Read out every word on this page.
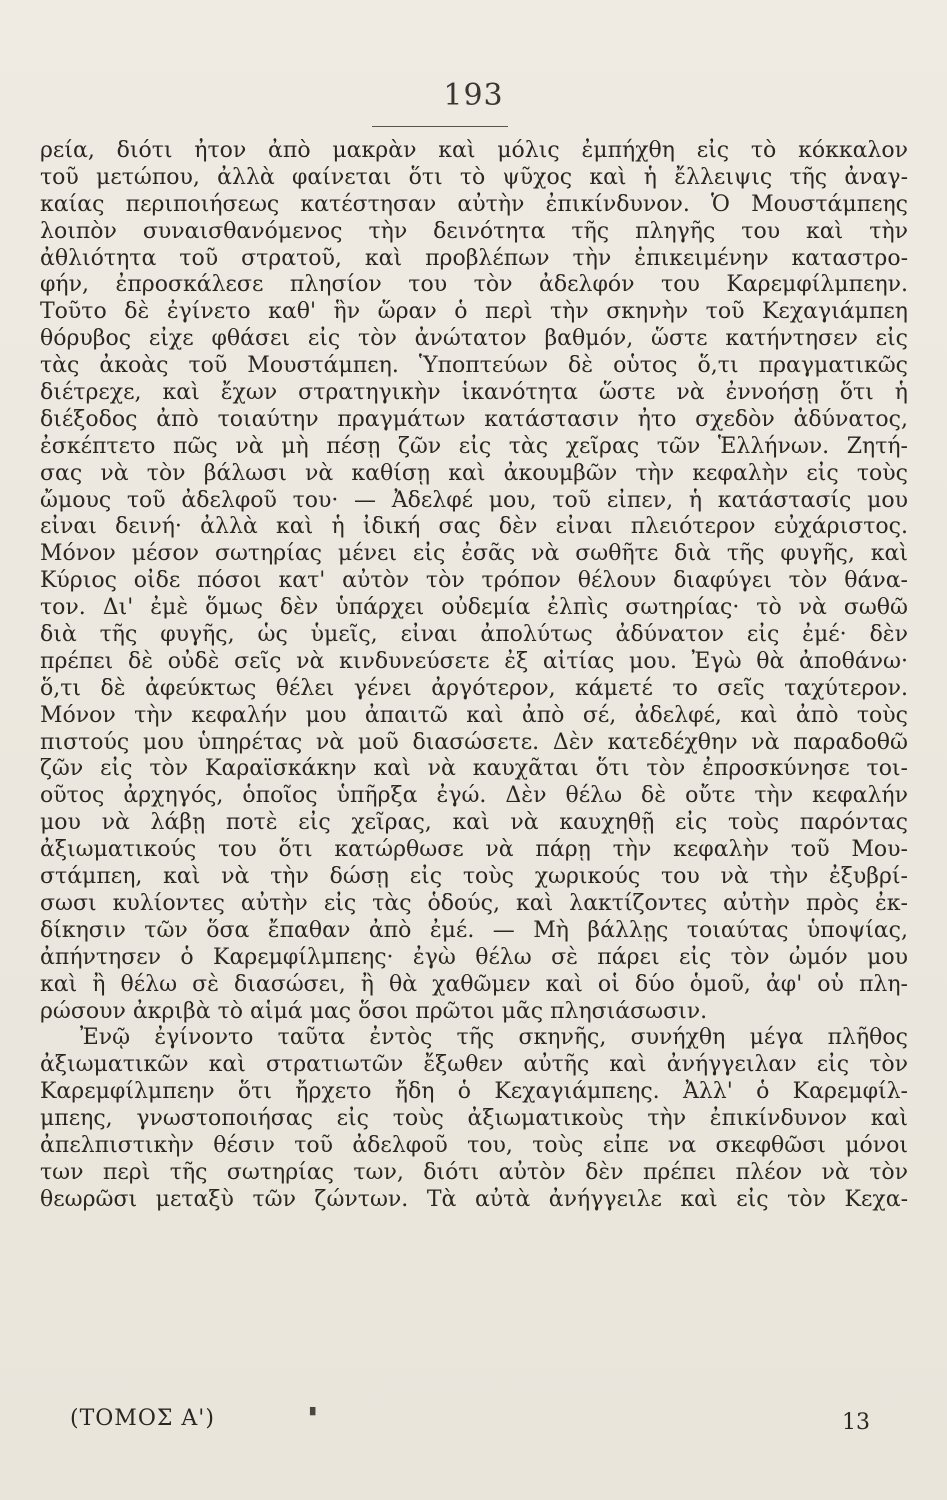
193
ρεία, διότι ἦτον ἀπὸ μακρὰν καὶ μόλις ἐμπήχθη εἰς τὸ κόκκαλον
τοῦ μετώπου, ἀλλὰ φαίνεται ὅτι τὸ ψῦχος καὶ ἡ ἔλλειψις τῆς ἀναγ-
καίας περιποιήσεως κατέστησαν αὐτὴν ἐπικίνδυνον. Ὁ Μουστάμπεης
λοιπὸν συναισθανόμενος τὴν δεινότητα τῆς πληγῆς του καὶ τὴν
ἀθλιότητα τοῦ στρατοῦ, καὶ προβλέπων τὴν ἐπικειμένην καταστρο-
φήν, ἐπροσκάλεσε πλησίον του τὸν ἀδελφόν του Καρεμφίλμπεην.
Τοῦτο δὲ ἐγίνετο καθ' ἣν ὥραν ὁ περὶ τὴν σκηνὴν τοῦ Κεχαγιάμπεη
θόρυβος εἶχε φθάσει εἰς τὸν ἀνώτατον βαθμόν, ὥστε κατήντησεν εἰς
τὰς ἀκοὰς τοῦ Μουστάμπεη. Ὑποπτεύων δὲ οὗτος ὅ,τι πραγματικῶς
διέτρεχε, καὶ ἔχων στρατηγικὴν ἱκανότητα ὥστε νὰ ἐννοήσῃ ὅτι ἡ
διέξοδος ἀπὸ τοιαύτην πραγμάτων κατάστασιν ἦτο σχεδὸν ἀδύνατος,
ἐσκέπτετο πῶς νὰ μὴ πέσῃ ζῶν εἰς τὰς χεῖρας τῶν Ἑλλήνων. Ζητή-
σας νὰ τὸν βάλωσι νὰ καθίσῃ καὶ ἀκουμβῶν τὴν κεφαλὴν εἰς τοὺς
ὤμους τοῦ ἀδελφοῦ του· — Ἀδελφέ μου, τοῦ εἶπεν, ἡ κατάστασίς μου
εἶναι δεινή· ἀλλὰ καὶ ἡ ἰδική σας δὲν εἶναι πλειότερον εὐχάριστος.
Μόνον μέσον σωτηρίας μένει εἰς ἐσᾶς νὰ σωθῆτε διὰ τῆς φυγῆς, καὶ
Κύριος οἶδε πόσοι κατ' αὐτὸν τὸν τρόπον θέλουν διαφύγει τὸν θάνα-
τον. Δι' ἐμὲ ὅμως δὲν ὑπάρχει οὐδεμία ἐλπὶς σωτηρίας· τὸ νὰ σωθῶ
διὰ τῆς φυγῆς, ὡς ὑμεῖς, εἶναι ἀπολύτως ἀδύνατον εἰς ἐμέ· δὲν
πρέπει δὲ οὐδὲ σεῖς νὰ κινδυνεύσετε ἐξ αἰτίας μου. Ἐγὼ θὰ ἀποθάνω·
ὅ,τι δὲ ἀφεύκτως θέλει γένει ἀργότερον, κάμετέ το σεῖς ταχύτερον.
Μόνον τὴν κεφαλήν μου ἀπαιτῶ καὶ ἀπὸ σέ, ἀδελφέ, καὶ ἀπὸ τοὺς
πιστούς μου ὑπηρέτας νὰ μοῦ διασώσετε. Δὲν κατεδέχθην νὰ παραδοθῶ
ζῶν εἰς τὸν Καραϊσκάκην καὶ νὰ καυχᾶται ὅτι τὸν ἐπροσκύνησε τοι-
οῦτος ἀρχηγός, ὁποῖος ὑπῆρξα ἐγώ. Δὲν θέλω δὲ οὔτε τὴν κεφαλήν
μου νὰ λάβῃ ποτὲ εἰς χεῖρας, καὶ νὰ καυχηθῇ εἰς τοὺς παρόντας
ἀξιωματικούς του ὅτι κατώρθωσε νὰ πάρῃ τὴν κεφαλὴν τοῦ Μου-
στάμπεη, καὶ νὰ τὴν δώσῃ εἰς τοὺς χωρικούς του νὰ τὴν ἐξυβρί-
σωσι κυλίοντες αὐτὴν εἰς τὰς ὁδούς, καὶ λακτίζοντες αὐτὴν πρὸς ἐκ-
δίκησιν τῶν ὅσα ἔπαθαν ἀπὸ ἐμέ. — Μὴ βάλλῃς τοιαύτας ὑποψίας,
ἀπήντησεν ὁ Καρεμφίλμπεης· ἐγὼ θέλω σὲ πάρει εἰς τὸν ὦμόν μου
καὶ ἢ θέλω σὲ διασώσει, ἢ θὰ χαθῶμεν καὶ οἱ δύο ὁμοῦ, ἀφ' οὗ πλη-
ρώσουν ἀκριβὰ τὸ αἷμά μας ὅσοι πρῶτοι μᾶς πλησιάσωσιν.
Ἐνῷ ἐγίνοντο ταῦτα ἐντὸς τῆς σκηνῆς, συνήχθη μέγα πλῆθος
ἀξιωματικῶν καὶ στρατιωτῶν ἔξωθεν αὐτῆς καὶ ἀνήγγειλαν εἰς τὸν
Καρεμφίλμπεην ὅτι ἤρχετο ἤδη ὁ Κεχαγιάμπεης. Ἀλλ' ὁ Καρεμφίλ-
μπεης, γνωστοποιήσας εἰς τοὺς ἀξιωματικοὺς τὴν ἐπικίνδυνον καὶ
ἀπελπιστικὴν θέσιν τοῦ ἀδελφοῦ του, τοὺς εἶπε να σκεφθῶσι μόνοι
των περὶ τῆς σωτηρίας των, διότι αὐτὸν δὲν πρέπει πλέον νὰ τὸν
θεωρῶσι μεταξὺ τῶν ζώντων. Τὰ αὐτὰ ἀνήγγειλε καὶ εἰς τὸν Κεχα-
(ΤΟΜΟΣ Α')	▘	13
